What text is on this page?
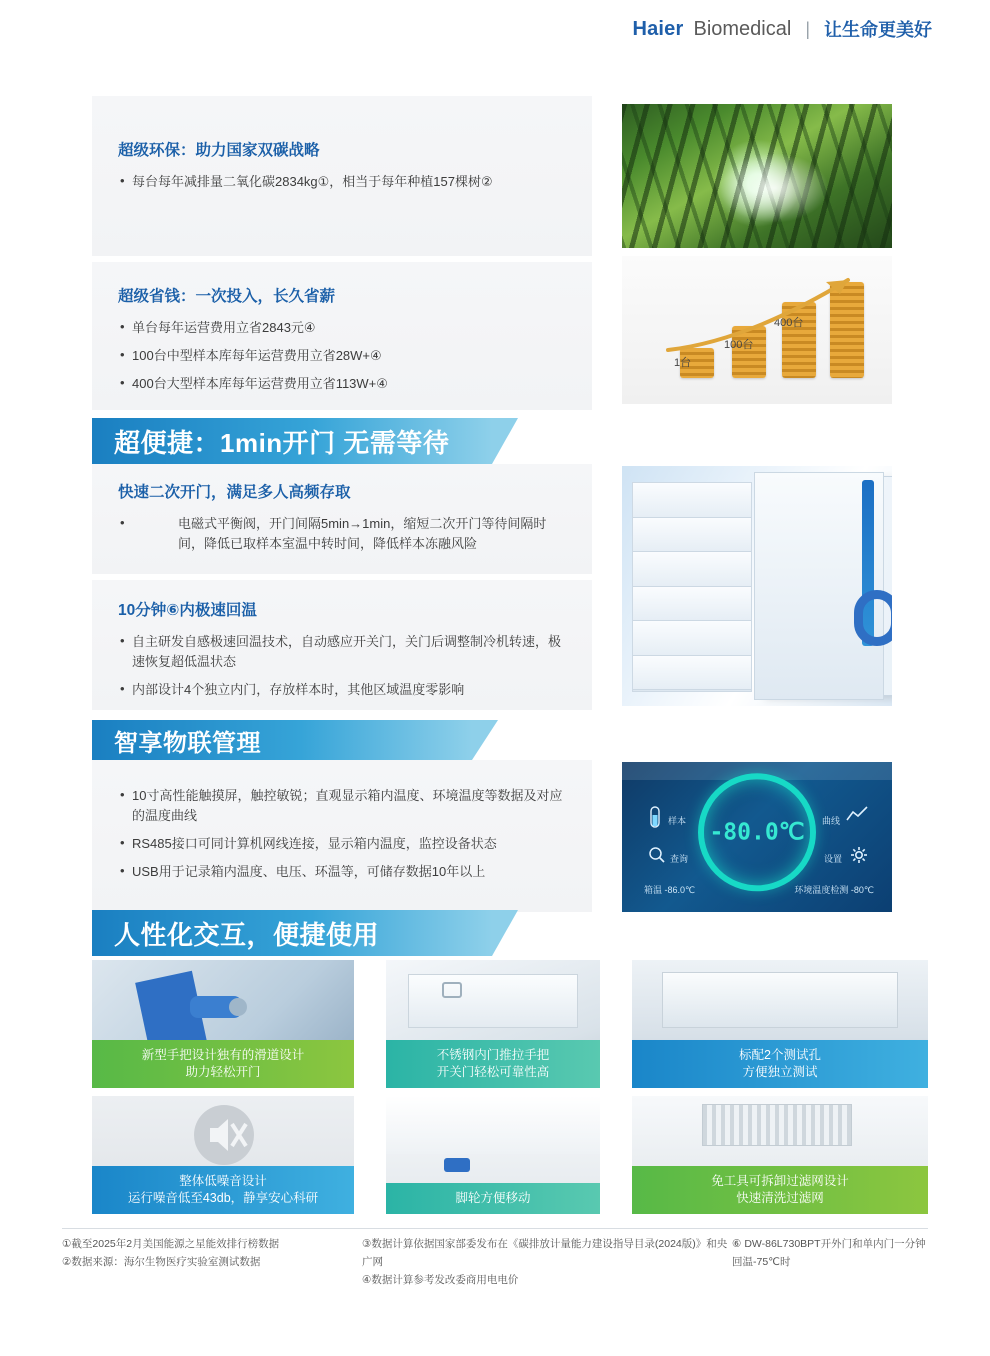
Haier Biomedical | 让生命更美好
超级环保：助力国家双碳战略
• 每台每年减排量二氧化碳2834kg①，相当于每年种植157棵树②
超级省钱：一次投入，长久省薪
• 单台每年运营费用立省2843元④
• 100台中型样本库每年运营费用立省28W+④
• 400台大型样本库每年运营费用立省113W+④
1台
100台
400台
超便捷：1min开门 无需等待
快速二次开门，满足多人高频存取
• 电磁式平衡阀，开门间隔5min→1min，缩短二次开门等待间隔时间，降低已取样本室温中转时间，降低样本冻融风险
10分钟⑥内极速回温
• 自主研发自感极速回温技术，自动感应开关门，关门后调整制冷机转速，极速恢复超低温状态
• 内部设计4个独立内门，存放样本时，其他区域温度零影响
智享物联管理
• 10寸高性能触摸屏，触控敏锐；直观显示箱内温度、环境温度等数据及对应的温度曲线
• RS485接口可同计算机网线连接，显示箱内温度，监控设备状态
• USB用于记录箱内温度、电压、环温等，可储存数据10年以上
-80.0℃
样本
查询
曲线
设置
箱温 -86.0℃	环境温度检测 -80℃
人性化交互，便捷使用
新型手把设计独有的滑道设计
助力轻松开门
不锈钢内门推拉手把
开关门轻松可靠性高
标配2个测试孔
方便独立测试
整体低噪音设计
运行噪音低至43db，静享安心科研	脚轮方便移动
免工具可拆卸过滤网设计
快速清洗过滤网
①截至2025年2月美国能源之星能效排行榜数据
②数据来源：海尔生物医疗实验室测试数据
③数据计算依据国家部委发布在《碳排放计量能力建设指导目录(2024版)》和央广网
④数据计算参考发改委商用电电价
⑥ DW-86L730BPT开外门和单内门一分钟回温-75℃时
